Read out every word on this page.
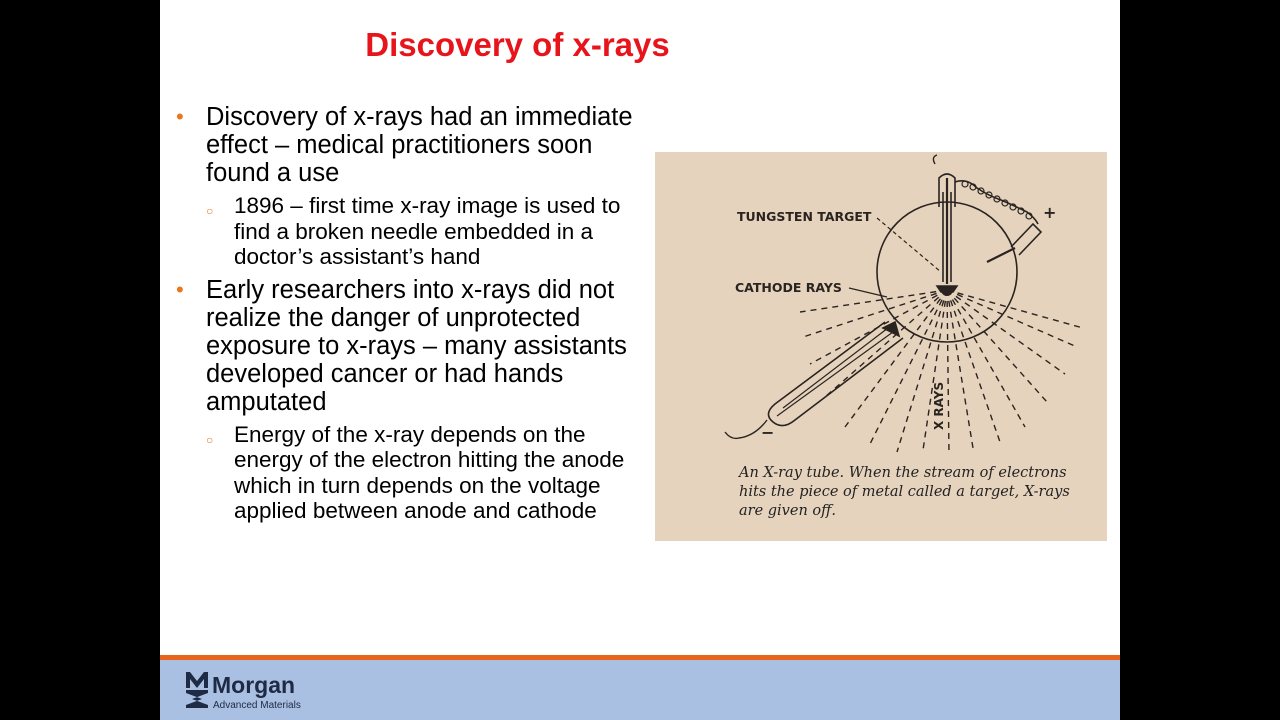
Discovery of x-rays
• Discovery of x-rays had an immediate effect – medical practitioners soon found a use
○ 1896 – first time x-ray image is used to find a broken needle embedded in a doctor’s assistant’s hand
• Early researchers into x-rays did not realize the danger of unprotected exposure to x-rays – many assistants developed cancer or had hands amputated
○ Energy of the x-ray depends on the energy of the electron hitting the anode which in turn depends on the voltage applied between anode and cathode
TUNGSTEN TARGET
CATHODE RAYS
X RAYS
+
−
An X-ray tube. When the stream of electrons hits the piece of metal called a target, X-rays are given off.
Morgan
Advanced Materials
